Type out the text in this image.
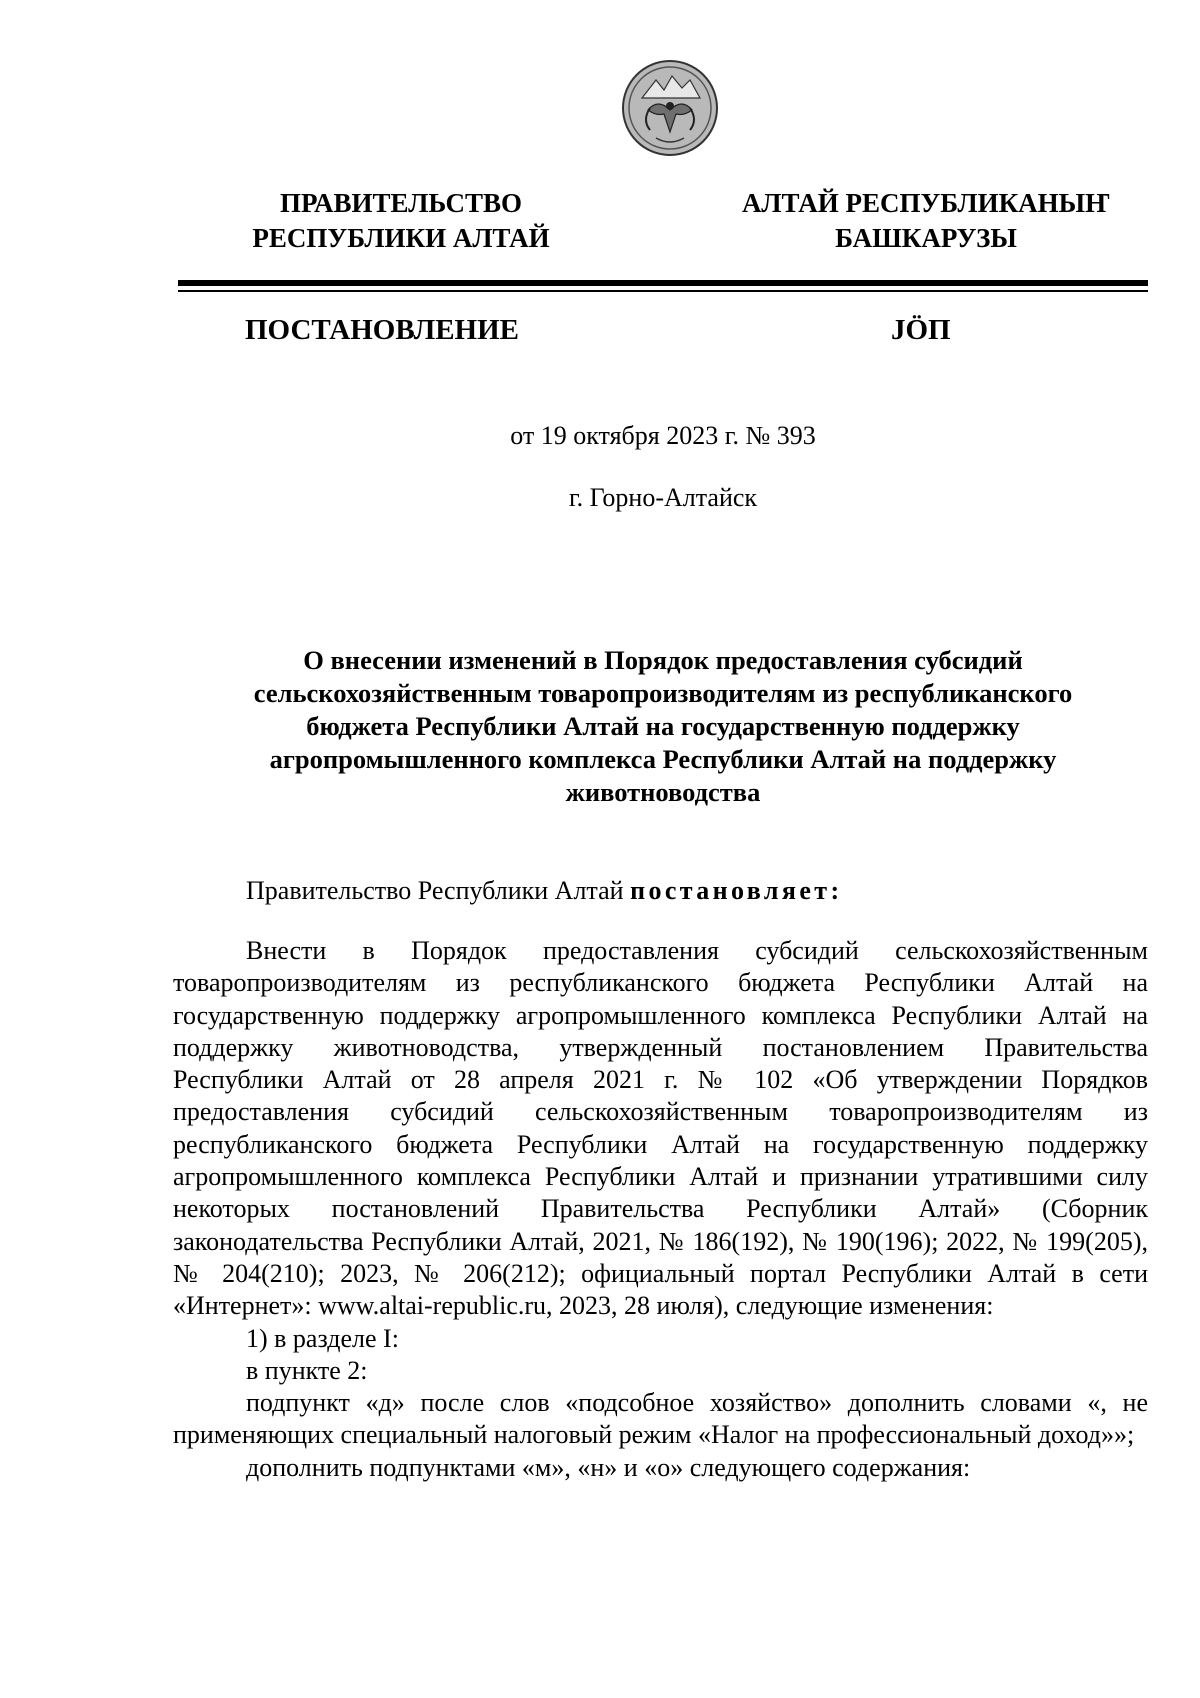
ПРАВИТЕЛЬСТВО
РЕСПУБЛИКИ АЛТАЙ
АЛТАЙ РЕСПУБЛИКАНЫҤ
БАШКАРУЗЫ
ПОСТАНОВЛЕНИЕ	JӦП
от 19 октября 2023 г. № 393
г. Горно-Алтайск
О внесении изменений в Порядок предоставления субсидий
сельскохозяйственным товаропроизводителям из республиканского
бюджета Республики Алтай на государственную поддержку
агропромышленного комплекса Республики Алтай на поддержку
животноводства
Правительство Республики Алтай постановляет:

Внести в Порядок предоставления субсидий сельскохозяйственным товаропроизводителям из республиканского бюджета Республики Алтай на государственную поддержку агропромышленного комплекса Республики Алтай на поддержку животноводства, утвержденный постановлением Правительства Республики Алтай от 28 апреля 2021 г. № 102 «Об утверждении Порядков предоставления субсидий сельскохозяйственным товаропроизводителям из республиканского бюджета Республики Алтай на государственную поддержку агропромышленного комплекса Республики Алтай и признании утратившими силу некоторых постановлений Правительства Республики Алтай» (Сборник законодательства Республики Алтай, 2021, № 186(192), № 190(196); 2022, № 199(205), № 204(210); 2023, № 206(212); официальный портал Республики Алтай в сети «Интернет»: www.altai-republic.ru, 2023, 28 июля), следующие изменения:

1) в разделе I:

в пункте 2:

подпункт «д» после слов «подсобное хозяйство» дополнить словами «, не применяющих специальный налоговый режим «Налог на профессиональный доход»»;

дополнить подпунктами «м», «н» и «о» следующего содержания:
